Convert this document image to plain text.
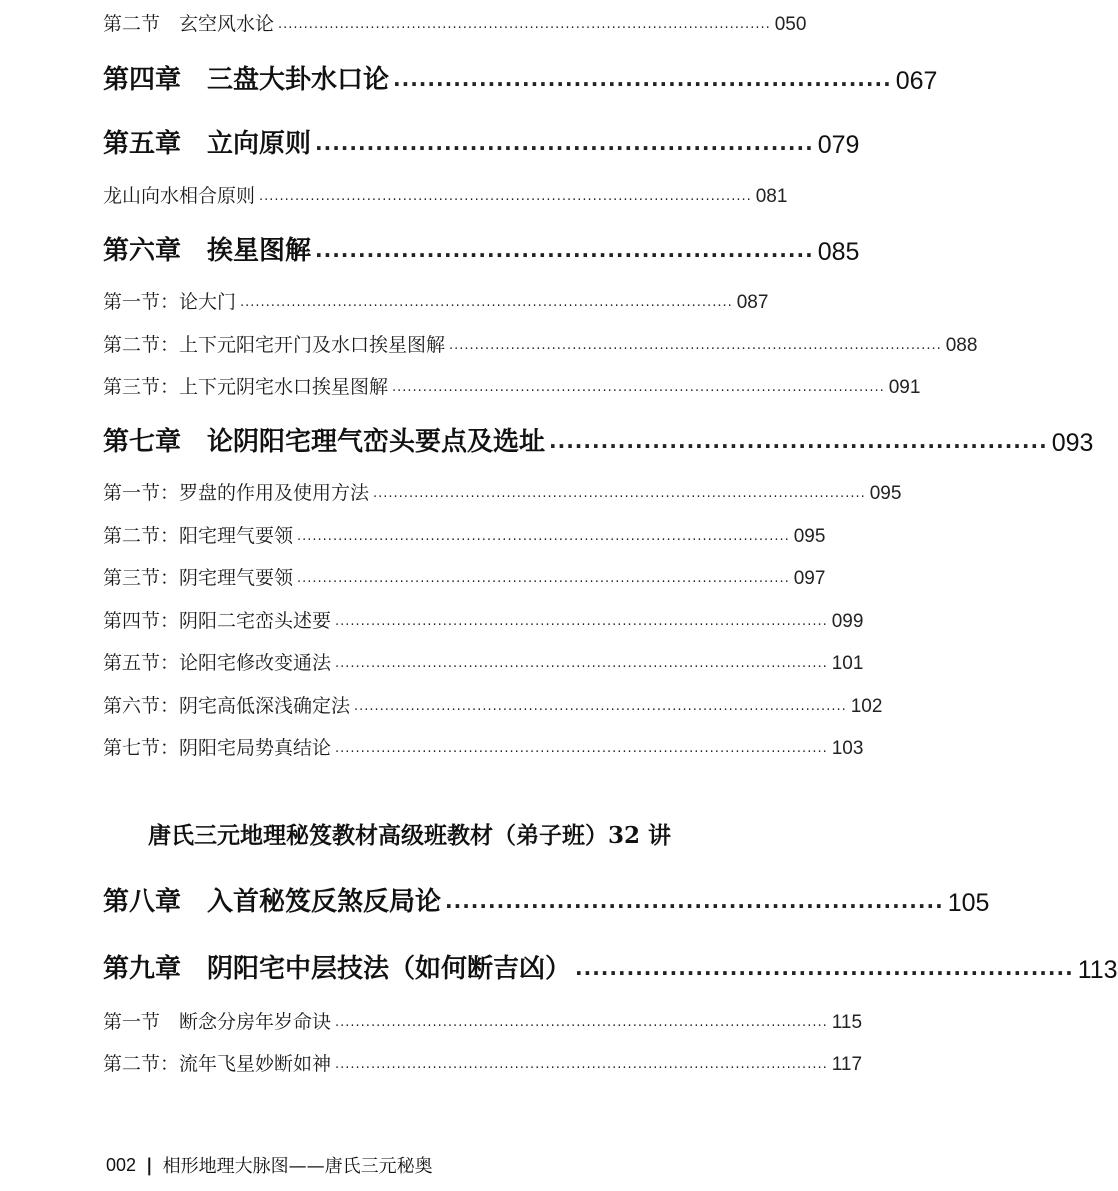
第二节　玄空风水论 ································································································ 050
第四章　三盘大卦水口论 ·························································· 067
第五章　立向原则 ·························································· 079
龙山向水相合原则 ································································································ 081
第六章　挨星图解 ·························································· 085
第一节：论大门 ································································································ 087
第二节：上下元阳宅开门及水口挨星图解 ································································································ 088
第三节：上下元阴宅水口挨星图解 ································································································ 091
第七章　论阴阳宅理气峦头要点及选址 ·························································· 093
第一节：罗盘的作用及使用方法 ································································································ 095
第二节：阳宅理气要领 ································································································ 095
第三节：阴宅理气要领 ································································································ 097
第四节：阴阳二宅峦头述要 ································································································ 099
第五节：论阳宅修改变通法 ································································································ 101
第六节：阴宅高低深浅确定法 ································································································ 102
第七节：阴阳宅局势真结论 ································································································ 103
唐氏三元地理秘笈教材高级班教材（弟子班）32 讲
第八章　入首秘笈反煞反局论 ·························································· 105
第九章　阴阳宅中层技法（如何断吉凶） ·························································· 113
第一节　断念分房年岁命诀 ································································································ 115
第二节：流年飞星妙断如神 ································································································ 117
002 | 相形地理大脉图——唐氏三元秘奥
